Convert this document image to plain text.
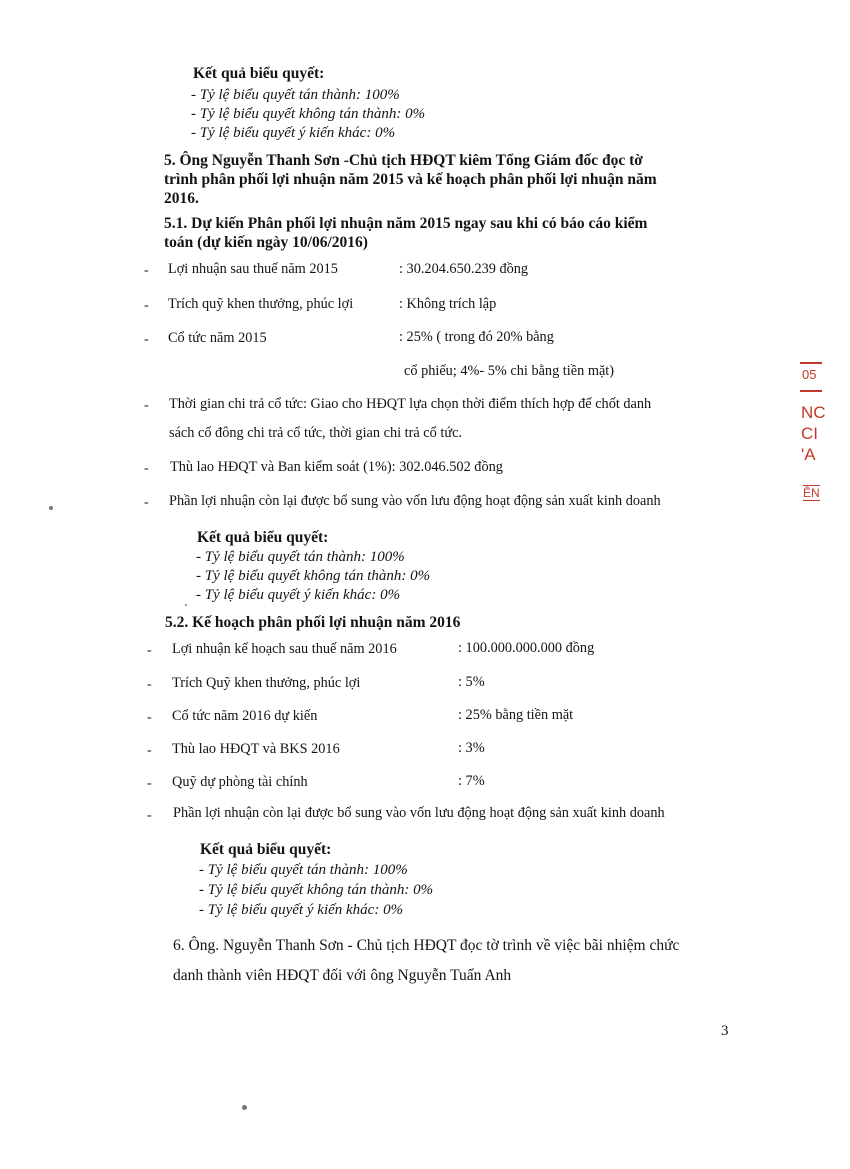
Kết quả biểu quyết:
- Tỷ lệ biểu quyết tán thành: 100%
- Tỷ lệ biểu quyết không tán thành: 0%
- Tỷ lệ biểu quyết ý kiến khác: 0%
5. Ông Nguyễn Thanh Sơn -Chủ tịch HĐQT kiêm Tổng Giám đốc đọc tờ
trình phân phối lợi nhuận năm 2015 và kế hoạch phân phối lợi nhuận năm
2016.
5.1. Dự kiến Phân phối lợi nhuận năm 2015 ngay sau khi có báo cáo kiểm
toán (dự kiến ngày 10/06/2016)
- Lợi nhuận sau thuế năm 2015	: 30.204.650.239 đồng
- Trích quỹ khen thưởng, phúc lợi	: Không trích lập
- Cổ tức năm 2015	: 25% ( trong đó 20% bằng
cổ phiếu; 4%- 5% chi bằng tiền mặt)
- Thời gian chi trả cổ tức: Giao cho HĐQT lựa chọn thời điểm thích hợp để chốt danh
sách cổ đông chi trả cổ tức, thời gian chi trả cổ tức.
- Thù lao HĐQT và Ban kiểm soát (1%): 302.046.502 đồng
- Phần lợi nhuận còn lại được bổ sung vào vốn lưu động hoạt động sản xuất kinh doanh
Kết quả biểu quyết:
- Tỷ lệ biểu quyết tán thành: 100%
- Tỷ lệ biểu quyết không tán thành: 0%
- Tỷ lệ biểu quyết ý kiến khác: 0%
5.2. Kế hoạch phân phối lợi nhuận năm 2016
- Lợi nhuận kế hoạch sau thuế năm 2016	: 100.000.000.000 đồng
- Trích Quỹ khen thưởng, phúc lợi	: 5%
- Cổ tức năm 2016 dự kiến	: 25% bằng tiền mặt
- Thù lao HĐQT và BKS 2016	: 3%
- Quỹ dự phòng tài chính	: 7%
- Phần lợi nhuận còn lại được bổ sung vào vốn lưu động hoạt động sản xuất kinh doanh
Kết quả biểu quyết:
- Tỷ lệ biểu quyết tán thành: 100%
- Tỷ lệ biểu quyết không tán thành: 0%
- Tỷ lệ biểu quyết ý kiến khác: 0%
6. Ông. Nguyễn Thanh Sơn - Chủ tịch HĐQT đọc tờ trình về việc bãi nhiệm chức
danh thành viên HĐQT đối với ông Nguyễn Tuấn Anh
3
05
NC
CI
'A
ÊN
